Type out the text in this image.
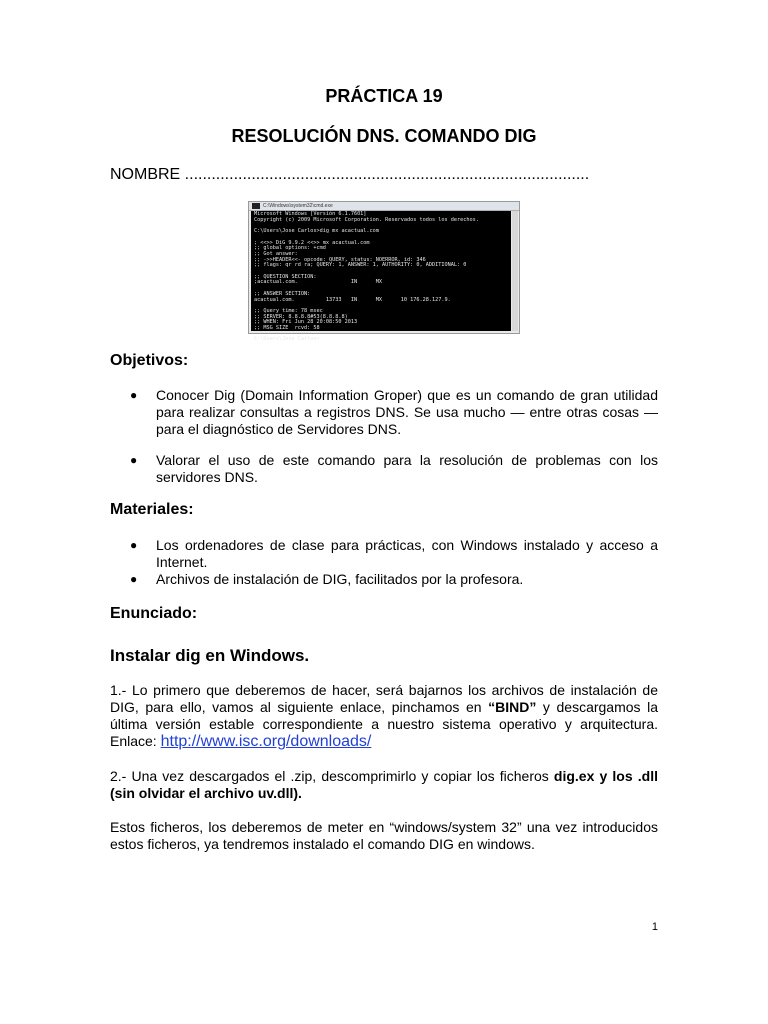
PRÁCTICA 19
RESOLUCIÓN DNS. COMANDO DIG
NOMBRE ...........................................................................................
C:\Windows\system32\cmd.exe
Microsoft Windows [Versión 6.1.7601]
Copyright (c) 2009 Microsoft Corporation. Reservados todos los derechos.

C:\Users\Jose Carlos>dig mx acactual.com

; <<>> DiG 9.9.2 <<>> mx acactual.com
;; global options: +cmd
;; Got answer:
;; ->>HEADER<<- opcode: QUERY, status: NOERROR, id: 346
;; flags: qr rd ra; QUERY: 1, ANSWER: 1, AUTHORITY: 0, ADDITIONAL: 0

;; QUESTION SECTION:
;acactual.com.                 IN      MX

;; ANSWER SECTION:
acactual.com.          13733   IN      MX      10 176.28.127.9.

;; Query time: 78 msec
;; SERVER: 8.8.8.8#53(8.8.8.8)
;; WHEN: Fri Jun 28 20:08:50 2013
;; MSG SIZE  rcvd: 58

C:\Users\Jose Carlos>
Objetivos:
● Conocer Dig (Domain Information Groper) que es un comando de gran utilidad para realizar consultas a registros DNS. Se usa mucho — entre otras cosas — para el diagnóstico de Servidores DNS.
● Valorar el uso de este comando para la resolución de problemas con los servidores DNS.
Materiales:
● Los ordenadores de clase para prácticas, con Windows instalado y acceso a Internet.
● Archivos de instalación de DIG, facilitados por la profesora.
Enunciado:
Instalar dig en Windows.
1.- Lo primero que deberemos de hacer, será bajarnos los archivos de instalación de DIG, para ello, vamos al siguiente enlace, pinchamos en “BIND” y descargamos la última versión estable correspondiente a nuestro sistema operativo y arquitectura. Enlace: http://www.isc.org/downloads/
2.- Una vez descargados el .zip, descomprimirlo y copiar los ficheros dig.ex y los .dll (sin olvidar el archivo uv.dll).
Estos ficheros, los deberemos de meter en “windows/system 32” una vez introducidos estos ficheros, ya tendremos instalado el comando DIG en windows.
1
